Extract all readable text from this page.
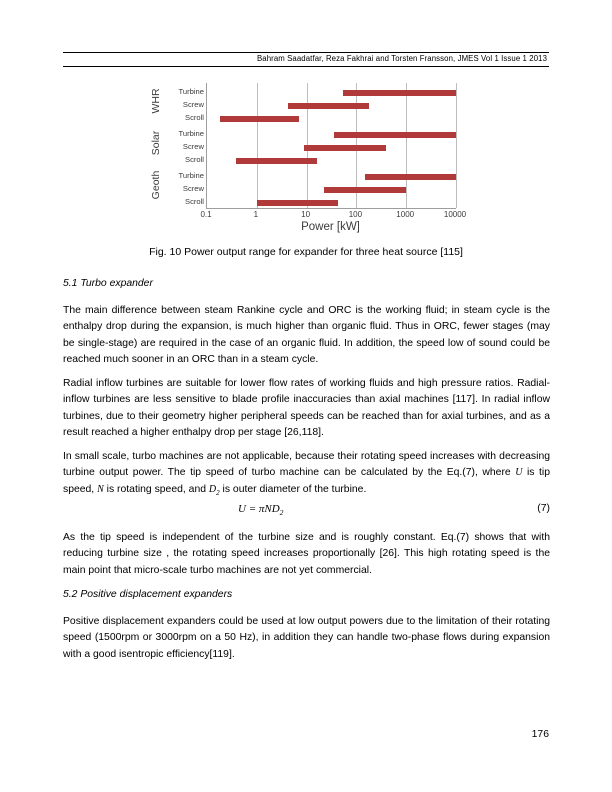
Bahram Saadatfar, Reza Fakhrai and Torsten Fransson, JMES Vol 1 Issue 1 2013
WHR
Solar
Geoth
Turbine
Screw
Scroll
Turbine
Screw
Scroll
Turbine
Screw
Scroll
0.1	1	10	100	1000	10000
Power [kW]
Fig. 10 Power output range for expander for three heat source [115]
5.1 Turbo expander
The main difference between steam Rankine cycle and ORC is the working fluid; in steam cycle is the enthalpy drop during the expansion, is much higher than organic fluid. Thus in ORC, fewer stages (may be single-stage) are required in the case of an organic fluid. In addition, the speed low of sound could be reached much sooner in an ORC than in a steam cycle.
Radial inflow turbines are suitable for lower flow rates of working fluids and high pressure ratios. Radial-inflow turbines are less sensitive to blade profile inaccuracies than axial machines [117]. In radial inflow turbines, due to their geometry higher peripheral speeds can be reached than for axial turbines, and as a result reached a higher enthalpy drop per stage [26,118].
In small scale, turbo machines are not applicable, because their rotating speed increases with decreasing turbine output power. The tip speed of turbo machine can be calculated by the Eq.(7), where U is tip speed, N is rotating speed, and $D_2$ is outer diameter of the turbine.
U = πND$_2$	(7)
As the tip speed is independent of the turbine size and is roughly constant. Eq.(7) shows that with reducing turbine size , the rotating speed increases proportionally [26]. This high rotating speed is the main point that micro-scale turbo machines are not yet commercial.
5.2 Positive displacement expanders
Positive displacement expanders could be used at low output powers due to the limitation of their rotating speed (1500rpm or 3000rpm on a 50 Hz), in addition they can handle two-phase flows during expansion with a good isentropic efficiency[119].
176
